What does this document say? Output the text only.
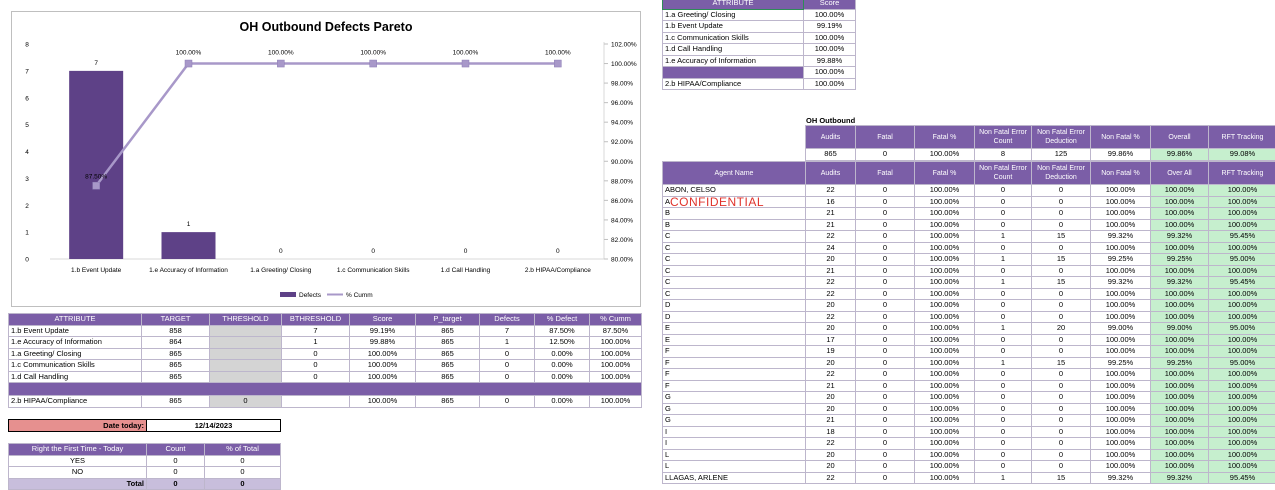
OH Outbound Defects Pareto
0
1
2
3
4
5
6
7
8
80.00%
82.00%
84.00%
86.00%
88.00%
90.00%
92.00%
94.00%
96.00%
98.00%
100.00%
102.00%
7
1.b Event Update
1
1.e Accuracy of Information
0
1.a Greeting/ Closing
0
1.c Communication Skills
0
1.d Call Handling
0
2.b HIPAA/Compliance
87.50%
100.00%	100.00%	100.00%	100.00%	100.00%
Defects	% Cumm
ATTRIBUTE	TARGET	THRESHOLD	BTHRESHOLD	Score	P_target	Defects	% Defect	% Cumm
1.b Event Update	858		7	99.19%	865	7	87.50%	87.50%
1.e Accuracy of Information	864		1	99.88%	865	1	12.50%	100.00%
1.a Greeting/ Closing	865		0	100.00%	865	0	0.00%	100.00%
1.c Communication Skills	865		0	100.00%	865	0	0.00%	100.00%
1.d Call Handling	865		0	100.00%	865	0	0.00%	100.00%

2.b HIPAA/Compliance	865	0		100.00%	865	0	0.00%	100.00%
Date today:	12/14/2023
Right the First Time - Today	Count	% of Total
YES	0	0
NO	0	0
Total	0	0
ATTRIBUTE	Score
1.a Greeting/ Closing	100.00%
1.b Event Update	99.19%
1.c Communication Skills	100.00%
1.d Call Handling	100.00%
1.e Accuracy of Information	99.88%
	100.00%
2.b HIPAA/Compliance	100.00%
OH Outbound
Audits	Fatal	Fatal %	Non Fatal Error Count	Non Fatal Error Deduction	Non Fatal %	Overall	RFT Tracking
865	0	100.00%	8	125	99.86%	99.86%	99.08%
Agent Name	Audits	Fatal	Fatal %	Non Fatal Error Count	Non Fatal Error Deduction	Non Fatal %	Over All	RFT Tracking
ABON, CELSO	22	0	100.00%	0	0	100.00%	100.00%	100.00%
A	16	0	100.00%	0	0	100.00%	100.00%	100.00%
B	21	0	100.00%	0	0	100.00%	100.00%	100.00%
B	21	0	100.00%	0	0	100.00%	100.00%	100.00%
C	22	0	100.00%	1	15	99.32%	99.32%	95.45%
C	24	0	100.00%	0	0	100.00%	100.00%	100.00%
C	20	0	100.00%	1	15	99.25%	99.25%	95.00%
C	21	0	100.00%	0	0	100.00%	100.00%	100.00%
C	22	0	100.00%	1	15	99.32%	99.32%	95.45%
C	22	0	100.00%	0	0	100.00%	100.00%	100.00%
D	20	0	100.00%	0	0	100.00%	100.00%	100.00%
D	22	0	100.00%	0	0	100.00%	100.00%	100.00%
E	20	0	100.00%	1	20	99.00%	99.00%	95.00%
E	17	0	100.00%	0	0	100.00%	100.00%	100.00%
F	19	0	100.00%	0	0	100.00%	100.00%	100.00%
F	20	0	100.00%	1	15	99.25%	99.25%	95.00%
F	22	0	100.00%	0	0	100.00%	100.00%	100.00%
F	21	0	100.00%	0	0	100.00%	100.00%	100.00%
G	20	0	100.00%	0	0	100.00%	100.00%	100.00%
G	20	0	100.00%	0	0	100.00%	100.00%	100.00%
G	21	0	100.00%	0	0	100.00%	100.00%	100.00%
I	18	0	100.00%	0	0	100.00%	100.00%	100.00%
I	22	0	100.00%	0	0	100.00%	100.00%	100.00%
L	20	0	100.00%	0	0	100.00%	100.00%	100.00%
L	20	0	100.00%	0	0	100.00%	100.00%	100.00%
LLAGAS, ARLENE	22	0	100.00%	1	15	99.32%	99.32%	95.45%
CONFIDENTIAL
